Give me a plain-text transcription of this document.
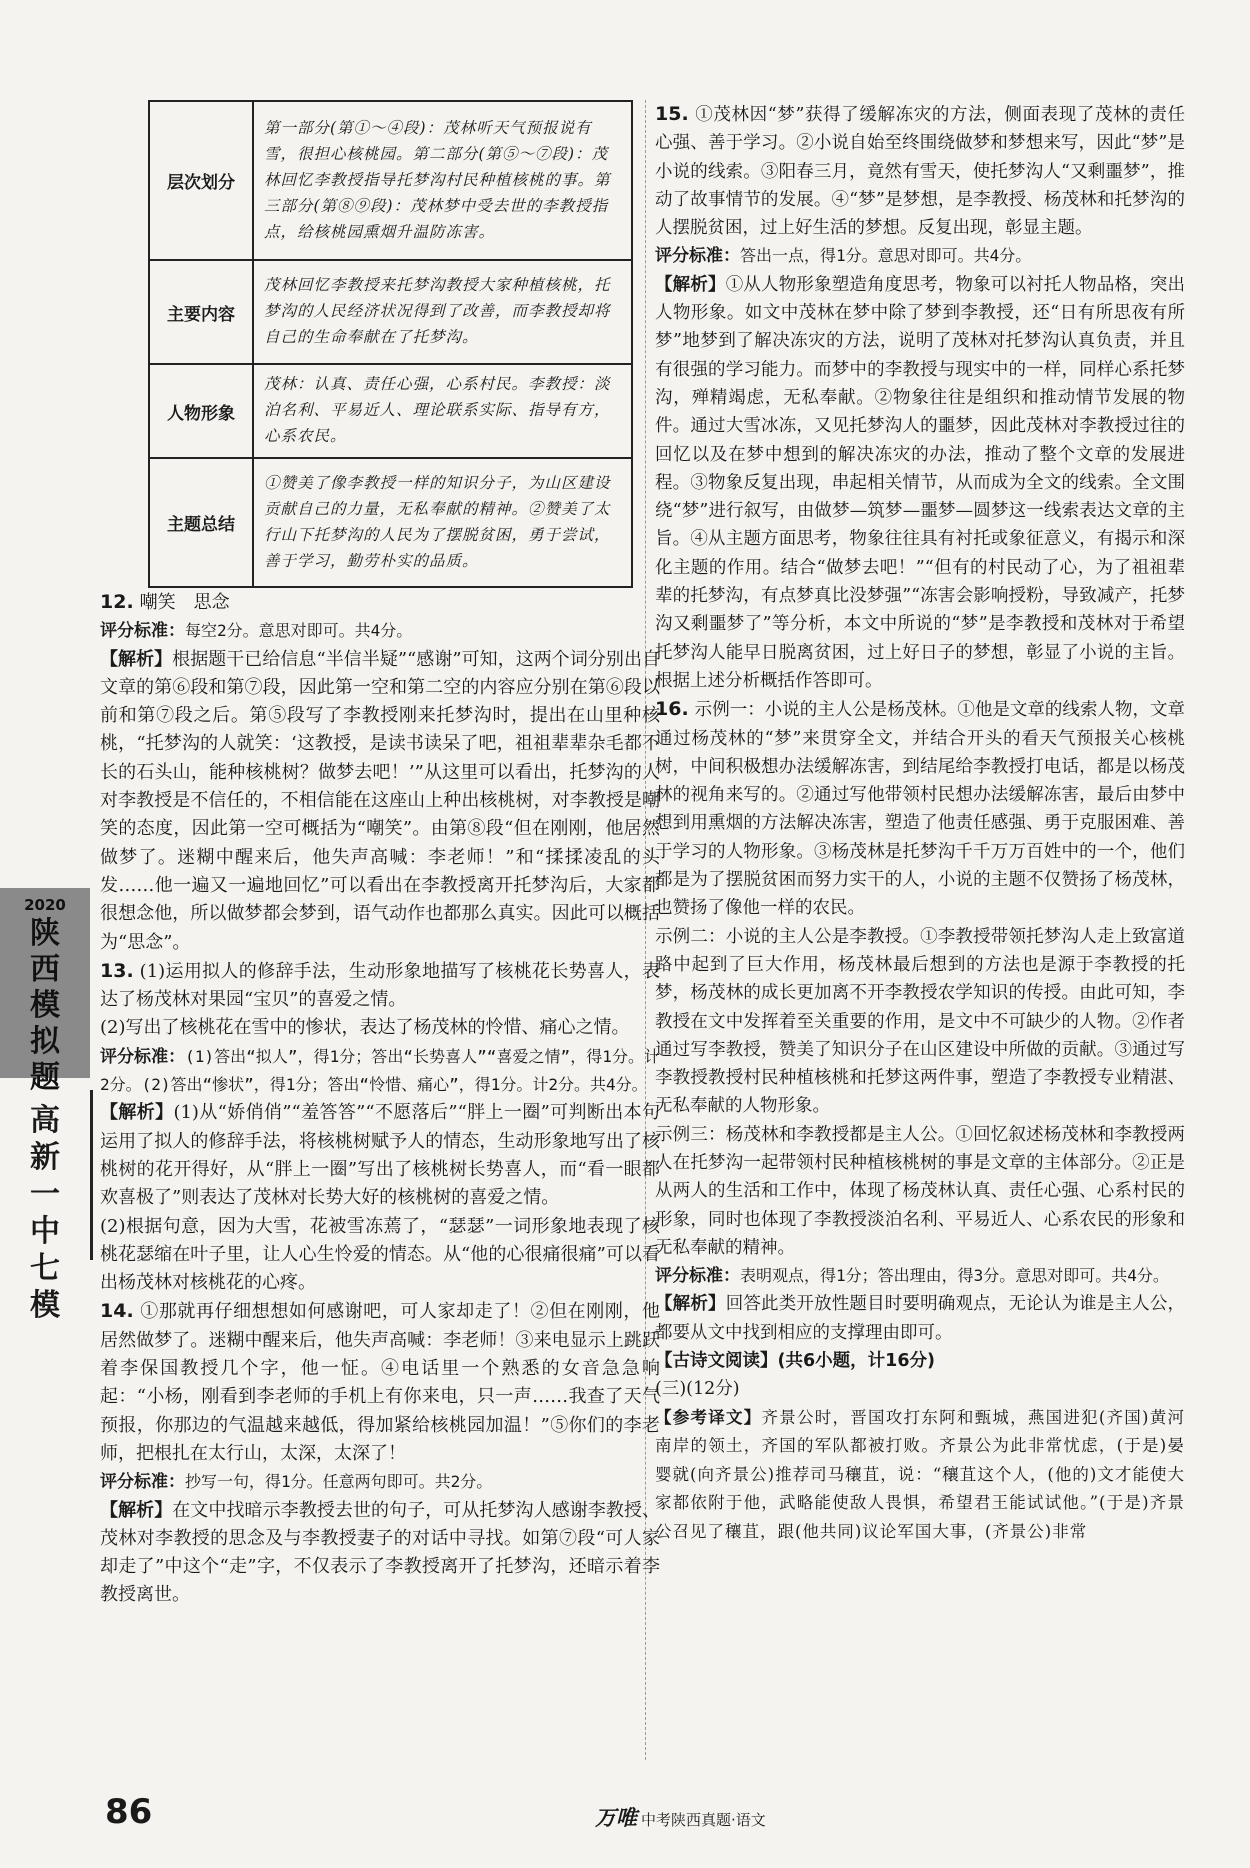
2020
陕西模拟题
高新一中七模
层次划分	第一部分(第①～④段)：茂林听天气预报说有雪，很担心核桃园。第二部分(第⑤～⑦段)：茂林回忆李教授指导托梦沟村民种植核桃的事。第三部分(第⑧⑨段)：茂林梦中受去世的李教授指点，给核桃园熏烟升温防冻害。
主要内容	茂林回忆李教授来托梦沟教授大家种植核桃，托梦沟的人民经济状况得到了改善，而李教授却将自己的生命奉献在了托梦沟。
人物形象	茂林：认真、责任心强，心系村民。李教授：淡泊名利、平易近人、理论联系实际、指导有方，心系农民。
主题总结	①赞美了像李教授一样的知识分子，为山区建设贡献自己的力量，无私奉献的精神。②赞美了太行山下托梦沟的人民为了摆脱贫困，勇于尝试，善于学习，勤劳朴实的品质。

12. 嘲笑　思念

评分标准：每空2分。意思对即可。共4分。

【解析】根据题干已给信息“半信半疑”“感谢”可知，这两个词分别出自文章的第⑥段和第⑦段，因此第一空和第二空的内容应分别在第⑥段以前和第⑦段之后。第⑤段写了李教授刚来托梦沟时，提出在山里种核桃，“托梦沟的人就笑：‘这教授，是读书读呆了吧，祖祖辈辈杂毛都不长的石头山，能种核桃树？做梦去吧！’”从这里可以看出，托梦沟的人对李教授是不信任的，不相信能在这座山上种出核桃树，对李教授是嘲笑的态度，因此第一空可概括为“嘲笑”。由第⑧段“但在刚刚，他居然做梦了。迷糊中醒来后，他失声高喊：李老师！”和“揉揉凌乱的头发……他一遍又一遍地回忆”可以看出在李教授离开托梦沟后，大家都很想念他，所以做梦都会梦到，语气动作也都那么真实。因此可以概括为“思念”。

13. (1)运用拟人的修辞手法，生动形象地描写了核桃花长势喜人，表达了杨茂林对果园“宝贝”的喜爱之情。

(2)写出了核桃花在雪中的惨状，表达了杨茂林的怜惜、痛心之情。

评分标准：(1)答出“拟人”，得1分；答出“长势喜人”“喜爱之情”，得1分。计2分。(2)答出“惨状”，得1分；答出“怜惜、痛心”，得1分。计2分。共4分。

【解析】(1)从“娇俏俏”“羞答答”“不愿落后”“胖上一圈”可判断出本句运用了拟人的修辞手法，将核桃树赋予人的情态，生动形象地写出了核桃树的花开得好，从“胖上一圈”写出了核桃树长势喜人，而“看一眼都欢喜极了”则表达了茂林对长势大好的核桃树的喜爱之情。

(2)根据句意，因为大雪，花被雪冻蔫了，“瑟瑟”一词形象地表现了核桃花瑟缩在叶子里，让人心生怜爱的情态。从“他的心很痛很痛”可以看出杨茂林对核桃花的心疼。

14. ①那就再仔细想想如何感谢吧，可人家却走了！②但在刚刚，他居然做梦了。迷糊中醒来后，他失声高喊：李老师！③来电显示上跳跃着李保国教授几个字，他一怔。④电话里一个熟悉的女音急急响起：“小杨，刚看到李老师的手机上有你来电，只一声……我查了天气预报，你那边的气温越来越低，得加紧给核桃园加温！”⑤你们的李老师，把根扎在太行山，太深，太深了！

评分标准：抄写一句，得1分。任意两句即可。共2分。

【解析】在文中找暗示李教授去世的句子，可从托梦沟人感谢李教授、茂林对李教授的思念及与李教授妻子的对话中寻找。如第⑦段“可人家却走了”中这个“走”字，不仅表示了李教授离开了托梦沟，还暗示着李教授离世。

15. ①茂林因“梦”获得了缓解冻灾的方法，侧面表现了茂林的责任心强、善于学习。②小说自始至终围绕做梦和梦想来写，因此“梦”是小说的线索。③阳春三月，竟然有雪天，使托梦沟人“又剩噩梦”，推动了故事情节的发展。④“梦”是梦想，是李教授、杨茂林和托梦沟的人摆脱贫困，过上好生活的梦想。反复出现，彰显主题。

评分标准：答出一点，得1分。意思对即可。共4分。

【解析】①从人物形象塑造角度思考，物象可以衬托人物品格，突出人物形象。如文中茂林在梦中除了梦到李教授，还“日有所思夜有所梦”地梦到了解决冻灾的方法，说明了茂林对托梦沟认真负责，并且有很强的学习能力。而梦中的李教授与现实中的一样，同样心系托梦沟，殚精竭虑，无私奉献。②物象往往是组织和推动情节发展的物件。通过大雪冰冻，又见托梦沟人的噩梦，因此茂林对李教授过往的回忆以及在梦中想到的解决冻灾的办法，推动了整个文章的发展进程。③物象反复出现，串起相关情节，从而成为全文的线索。全文围绕“梦”进行叙写，由做梦—筑梦—噩梦—圆梦这一线索表达文章的主旨。④从主题方面思考，物象往往具有衬托或象征意义，有揭示和深化主题的作用。结合“做梦去吧！”“但有的村民动了心，为了祖祖辈辈的托梦沟，有点梦真比没梦强”“冻害会影响授粉，导致减产，托梦沟又剩噩梦了”等分析，本文中所说的“梦”是李教授和茂林对于希望托梦沟人能早日脱离贫困，过上好日子的梦想，彰显了小说的主旨。根据上述分析概括作答即可。

16. 示例一：小说的主人公是杨茂林。①他是文章的线索人物，文章通过杨茂林的“梦”来贯穿全文，并结合开头的看天气预报关心核桃树，中间积极想办法缓解冻害，到结尾给李教授打电话，都是以杨茂林的视角来写的。②通过写他带领村民想办法缓解冻害，最后由梦中想到用熏烟的方法解决冻害，塑造了他责任感强、勇于克服困难、善于学习的人物形象。③杨茂林是托梦沟千千万万百姓中的一个，他们都是为了摆脱贫困而努力实干的人，小说的主题不仅赞扬了杨茂林，也赞扬了像他一样的农民。

示例二：小说的主人公是李教授。①李教授带领托梦沟人走上致富道路中起到了巨大作用，杨茂林最后想到的方法也是源于李教授的托梦，杨茂林的成长更加离不开李教授农学知识的传授。由此可知，李教授在文中发挥着至关重要的作用，是文中不可缺少的人物。②作者通过写李教授，赞美了知识分子在山区建设中所做的贡献。③通过写李教授教授村民种植核桃和托梦这两件事，塑造了李教授专业精湛、无私奉献的人物形象。

示例三：杨茂林和李教授都是主人公。①回忆叙述杨茂林和李教授两人在托梦沟一起带领村民种植核桃树的事是文章的主体部分。②正是从两人的生活和工作中，体现了杨茂林认真、责任心强、心系村民的形象，同时也体现了李教授淡泊名利、平易近人、心系农民的形象和无私奉献的精神。

评分标准：表明观点，得1分；答出理由，得3分。意思对即可。共4分。

【解析】回答此类开放性题目时要明确观点，无论认为谁是主人公，都要从文中找到相应的支撑理由即可。

【古诗文阅读】(共6小题，计16分)

(三)(12分)

【参考译文】齐景公时，晋国攻打东阿和甄城，燕国进犯(齐国)黄河南岸的领土，齐国的军队都被打败。齐景公为此非常忧虑，(于是)晏婴就(向齐景公)推荐司马穰苴，说：“穰苴这个人，(他的)文才能使大家都依附于他，武略能使敌人畏惧，希望君王能试试他。”(于是)齐景公召见了穰苴，跟(他共同)议论军国大事，(齐景公)非常

86	万唯 中考陕西真题·语文
